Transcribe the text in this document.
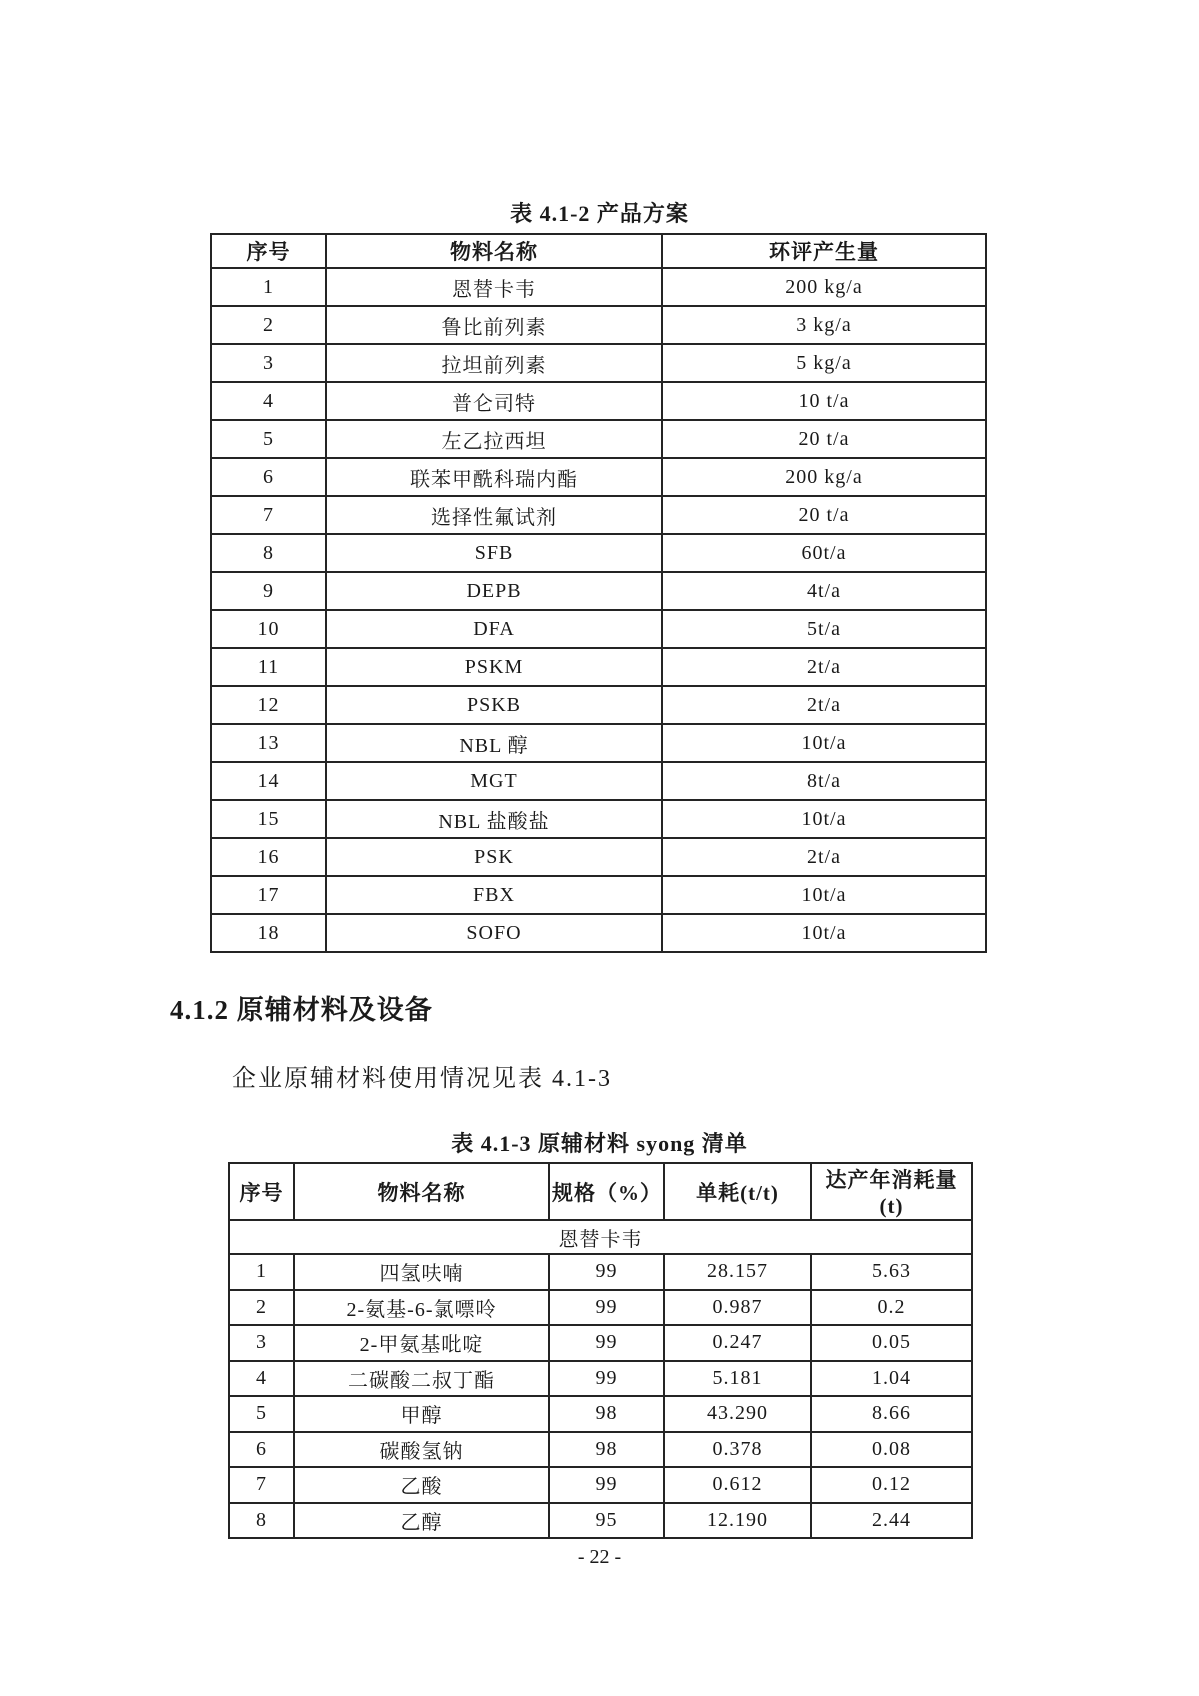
表 4.1-2 产品方案
序号	物料名称	环评产生量
1	恩替卡韦	200 kg/a
2	鲁比前列素	3 kg/a
3	拉坦前列素	5 kg/a
4	普仑司特	10 t/a
5	左乙拉西坦	20 t/a
6	联苯甲酰科瑞内酯	200 kg/a
7	选择性氟试剂	20 t/a
8	SFB	60t/a
9	DEPB	4t/a
10	DFA	5t/a
11	PSKM	2t/a
12	PSKB	2t/a
13	NBL 醇	10t/a
14	MGT	8t/a
15	NBL 盐酸盐	10t/a
16	PSK	2t/a
17	FBX	10t/a
18	SOFO	10t/a
4.1.2 原辅材料及设备

企业原辅材料使用情况见表 4.1-3

表 4.1-3 原辅材料 syong 清单
序号	物料名称	规格（%）	单耗(t/t)	达产年消耗量(t)
恩替卡韦				
1	四氢呋喃	99	28.157	5.63
2	2-氨基-6-氯嘌呤	99	0.987	0.2
3	2-甲氨基吡啶	99	0.247	0.05
4	二碳酸二叔丁酯	99	5.181	1.04
5	甲醇	98	43.290	8.66
6	碳酸氢钠	98	0.378	0.08
7	乙酸	99	0.612	0.12
8	乙醇	95	12.190	2.44
- 22 -
